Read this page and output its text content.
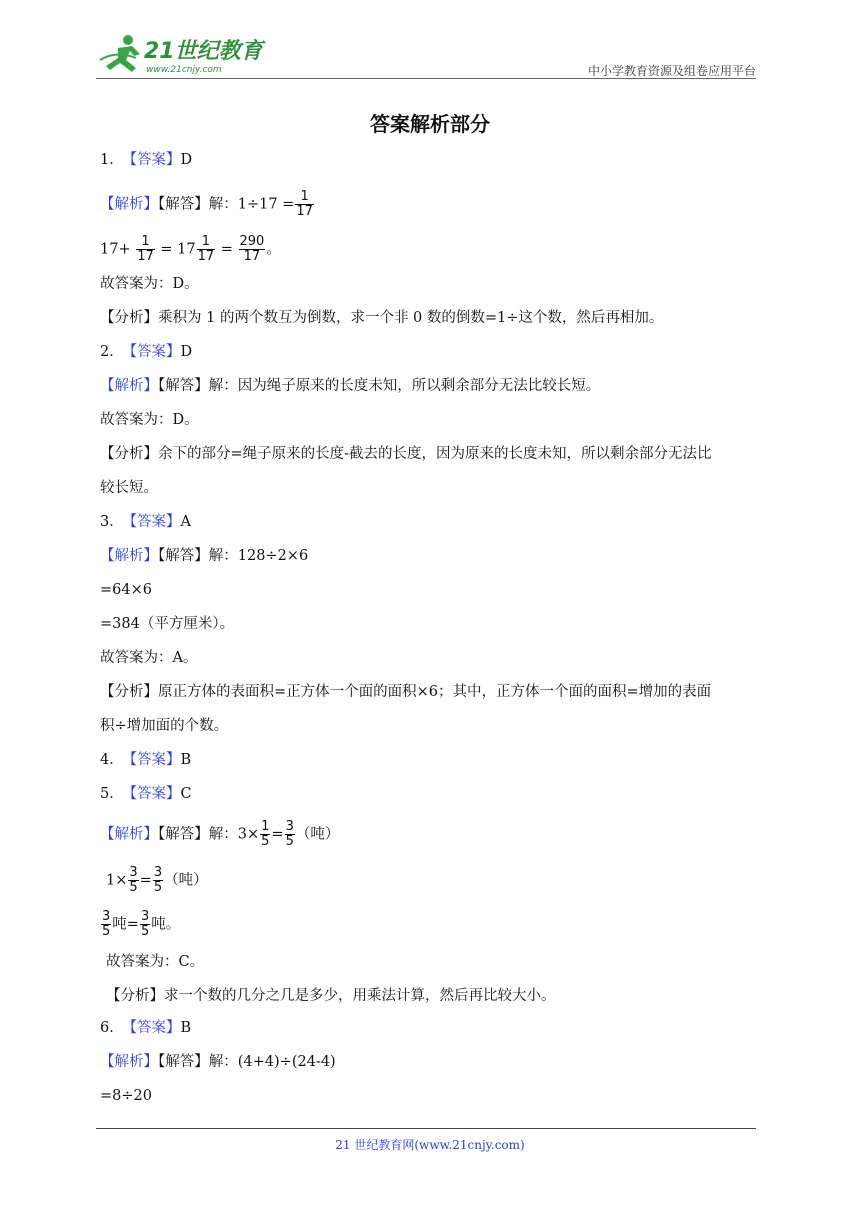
21世纪教育
www.21cnjy.com	中小学教育资源及组卷应用平台
答案解析部分
1． 【答案】D
【解析】【解答】解：$1\div 17 = \frac{1}{17}$
$17+ \frac{1}{17} = 17 \frac{1}{17} = \frac{290}{17}$ 。
故答案为：D。
【分析】乘积为 1 的两个数互为倒数，求一个非 0 数的倒数=1÷这个数，然后再相加。
2． 【答案】D
【解析】【解答】解：因为绳子原来的长度未知，所以剩余部分无法比较长短。
故答案为：D。
【分析】余下的部分=绳子原来的长度-截去的长度，因为原来的长度未知，所以剩余部分无法比
较长短。
3． 【答案】A
【解析】【解答】解：128÷2×6
=64×6
=384（平方厘米）。
故答案为：A。
【分析】原正方体的表面积=正方体一个面的面积×6；其中，正方体一个面的面积=增加的表面
积÷增加面的个数。
4． 【答案】B
5． 【答案】C
【解析】【解答】解：$3\times \frac{1}{5} = \frac{3}{5}$ （吨）
$1\times \frac{3}{5} = \frac{3}{5}$ （吨）
$\frac{3}{5}$ 吨= $\frac{3}{5}$ 吨。
故答案为：C。
【分析】求一个数的几分之几是多少，用乘法计算，然后再比较大小。
6． 【答案】B
【解析】【解答】解：(4+4)÷(24-4)
=8÷20
21 世纪教育网(www.21cnjy.com)
